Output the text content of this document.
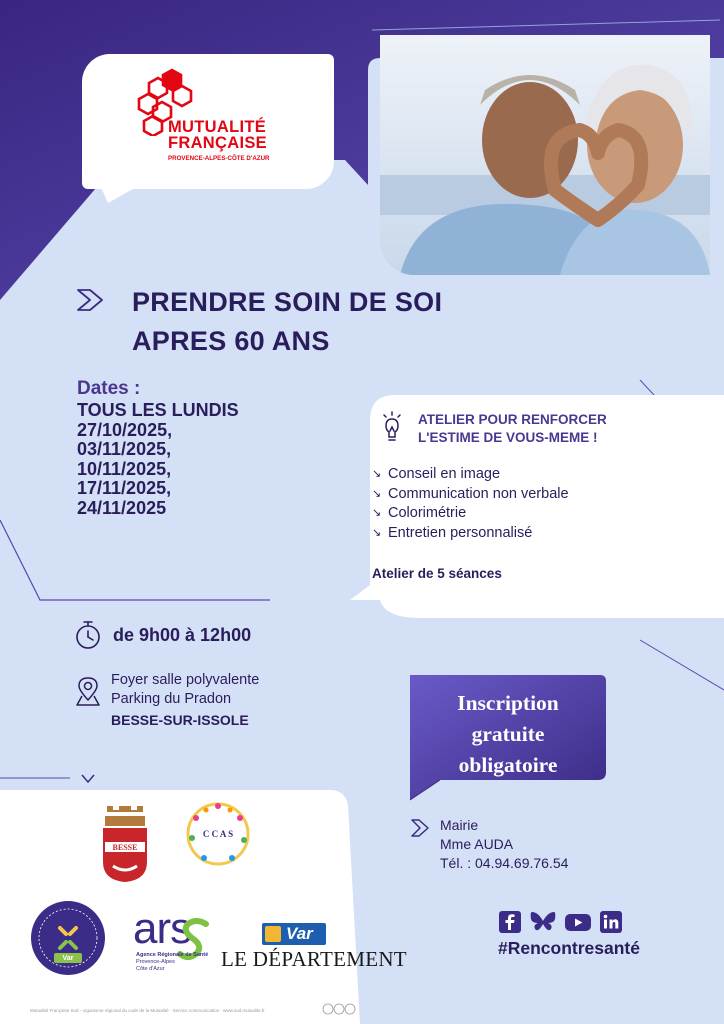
MUTUALITÉ
FRANÇAISE
PROVENCE-ALPES-CÔTE D'AZUR
PRENDRE SOIN DE SOI
APRES 60 ANS
Dates :
TOUS LES LUNDIS
27/10/2025,
03/11/2025,
10/11/2025,
17/11/2025,
24/11/2025
ATELIER POUR RENFORCER
L'ESTIME DE VOUS-MEME !
↘ Conseil en image
↘ Communication non verbale
↘ Colorimétrie
↘ Entretien personnalisé
Atelier de 5 séances
de 9h00 à 12h00
Foyer salle polyvalente
Parking du Pradon
BESSE-SUR-ISSOLE
Inscription
gratuite
obligatoire
Mairie
Mme AUDA
Tél. : 04.94.69.76.54
#Rencontresanté
BESSE
C C A S
Var
ars
Agence Régionale de Santé
Provence-Alpes
Côte d'Azur
Var
LE DÉPARTEMENT
Mutualité Française Sud - organisme régional du code de la Mutualité · Service communication · www.sud.mutualite.fr
